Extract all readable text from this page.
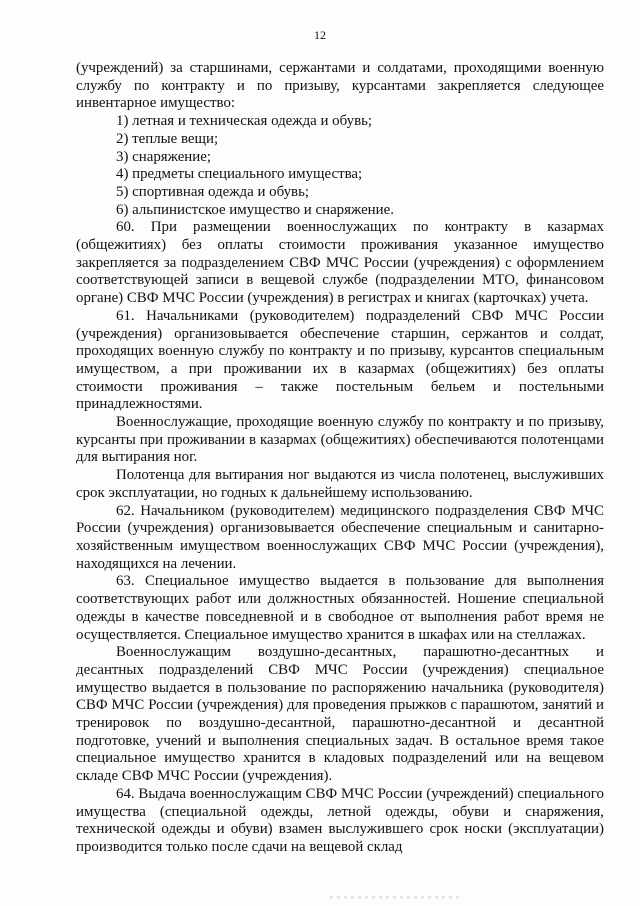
12

(учреждений) за старшинами, сержантами и солдатами, проходящими военную службу по контракту и по призыву, курсантами закрепляется следующее инвентарное имущество:

1) летная и техническая одежда и обувь;
2) теплые вещи;
3) снаряжение;
4) предметы специального имущества;
5) спортивная одежда и обувь;
6) альпинистское имущество и снаряжение.

60. При размещении военнослужащих по контракту в казармах (общежитиях) без оплаты стоимости проживания указанное имущество закрепляется за подразделением СВФ МЧС России (учреждения) с оформлением соответствующей записи в вещевой службе (подразделении МТО, финансовом органе) СВФ МЧС России (учреждения) в регистрах и книгах (карточках) учета.

61. Начальниками (руководителем) подразделений СВФ МЧС России (учреждения) организовывается обеспечение старшин, сержантов и солдат, проходящих военную службу по контракту и по призыву, курсантов специальным имуществом, а при проживании их в казармах (общежитиях) без оплаты стоимости проживания – также постельным бельем и постельными принадлежностями.

Военнослужащие, проходящие военную службу по контракту и по призыву, курсанты при проживании в казармах (общежитиях) обеспечиваются полотенцами для вытирания ног.

Полотенца для вытирания ног выдаются из числа полотенец, выслуживших срок эксплуатации, но годных к дальнейшему использованию.

62. Начальником (руководителем) медицинского подразделения СВФ МЧС России (учреждения) организовывается обеспечение специальным и санитарно-хозяйственным имуществом военнослужащих СВФ МЧС России (учреждения), находящихся на лечении.

63. Специальное имущество выдается в пользование для выполнения соответствующих работ или должностных обязанностей. Ношение специальной одежды в качестве повседневной и в свободное от выполнения работ время не осуществляется. Специальное имущество хранится в шкафах или на стеллажах.

Военнослужащим воздушно-десантных, парашютно-десантных и десантных подразделений СВФ МЧС России (учреждения) специальное имущество выдается в пользование по распоряжению начальника (руководителя) СВФ МЧС России (учреждения) для проведения прыжков с парашютом, занятий и тренировок по воздушно-десантной, парашютно-десантной и десантной подготовке, учений и выполнения специальных задач. В остальное время такое специальное имущество хранится в кладовых подразделений или на вещевом складе СВФ МЧС России (учреждения).

64. Выдача военнослужащим СВФ МЧС России (учреждений) специального имущества (специальной одежды, летной одежды, обуви и снаряжения, технической одежды и обуви) взамен выслужившего срок носки (эксплуатации) производится только после сдачи на вещевой склад
